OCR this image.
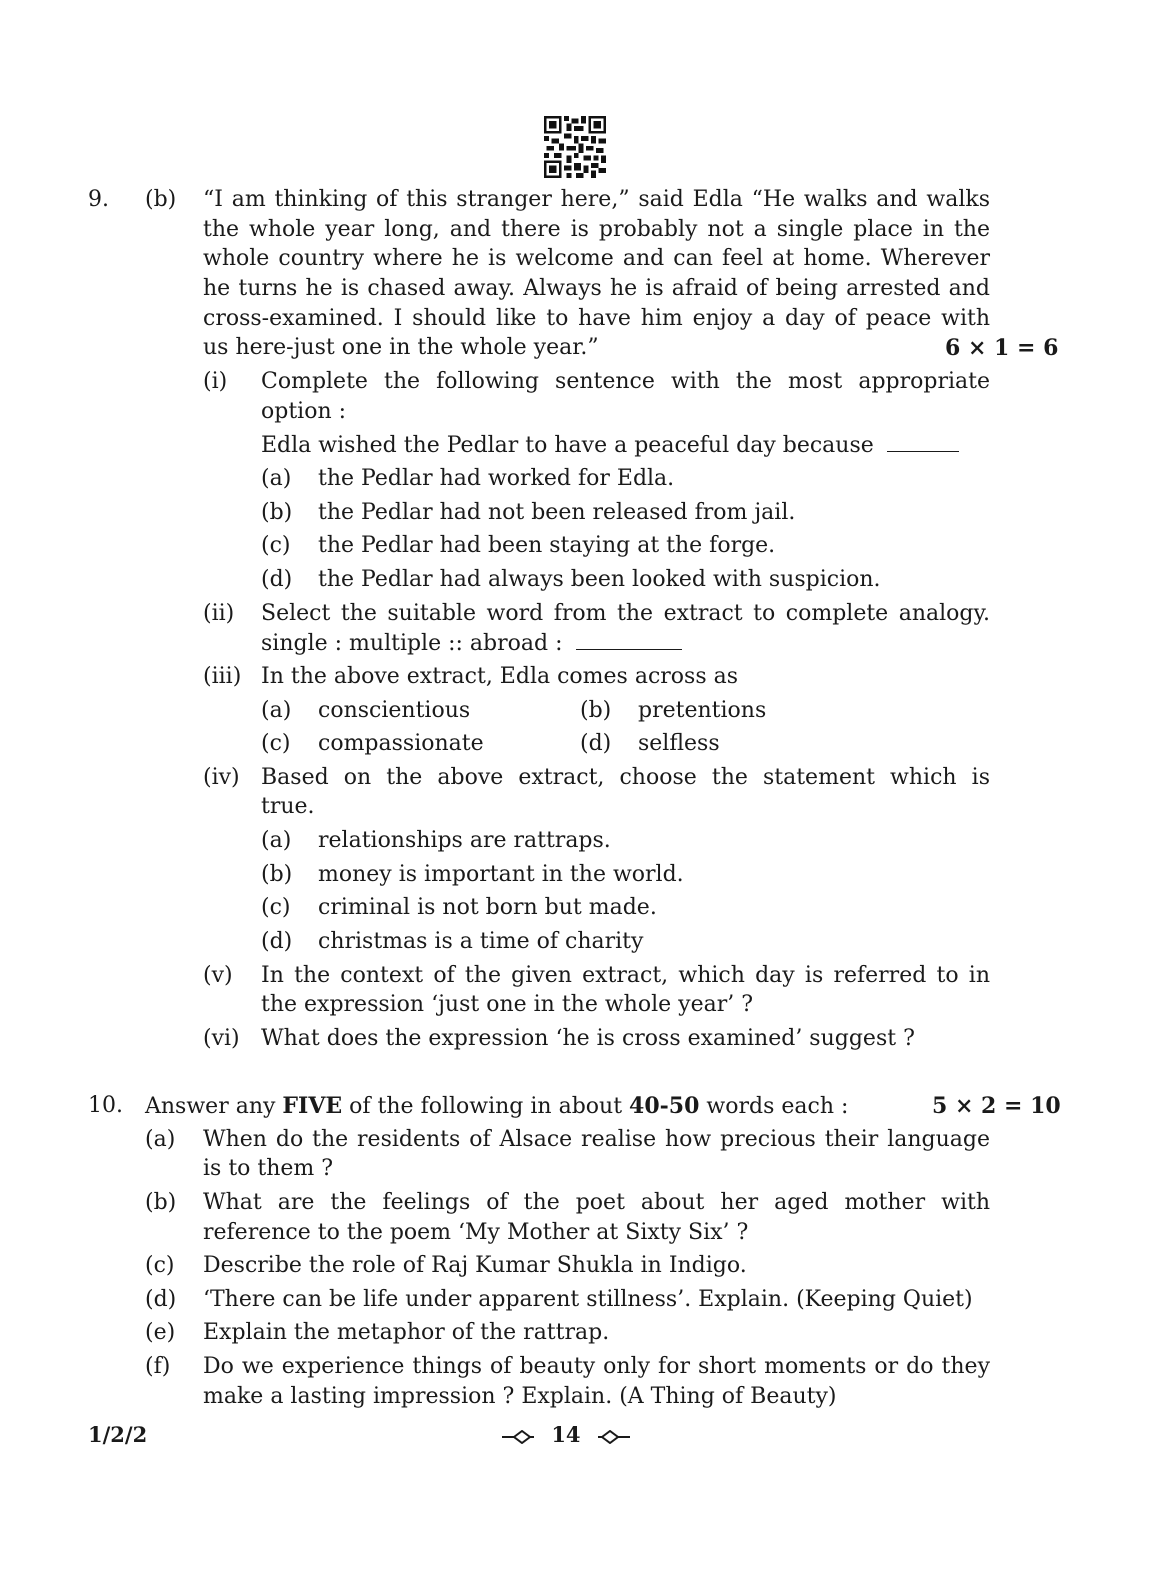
9. (b) “I am thinking of this stranger here,” said Edla “He walks and walks
the whole year long, and there is probably not a single place in the
whole country where he is welcome and can feel at home. Wherever
he turns he is chased away. Always he is afraid of being arrested and
cross-examined. I should like to have him enjoy a day of peace with
us here-just one in the whole year.”	6 × 1 = 6
(i) Complete the following sentence with the most appropriate
option :
Edla wished the Pedlar to have a peaceful day because
(a) the Pedlar had worked for Edla.
(b) the Pedlar had not been released from jail.
(c) the Pedlar had been staying at the forge.
(d) the Pedlar had always been looked with suspicion.
(ii) Select the suitable word from the extract to complete analogy.
single : multiple :: abroad :
(iii) In the above extract, Edla comes across as
(a) conscientious	(b) pretentions
(c) compassionate	(d) selfless
(iv) Based on the above extract, choose the statement which is
true.
(a) relationships are rattraps.
(b) money is important in the world.
(c) criminal is not born but made.
(d) christmas is a time of charity
(v) In the context of the given extract, which day is referred to in
the expression ‘just one in the whole year’ ?
(vi) What does the expression ‘he is cross examined’ suggest ?
10. Answer any FIVE of the following in about 40-50 words each :	5 × 2 = 10
(a) When do the residents of Alsace realise how precious their language
is to them ?
(b) What are the feelings of the poet about her aged mother with
reference to the poem ‘My Mother at Sixty Six’ ?
(c) Describe the role of Raj Kumar Shukla in Indigo.
(d) ‘There can be life under apparent stillness’. Explain. (Keeping Quiet)
(e) Explain the metaphor of the rattrap.
(f) Do we experience things of beauty only for short moments or do they
make a lasting impression ? Explain. (A Thing of Beauty)
1/2/2	14
